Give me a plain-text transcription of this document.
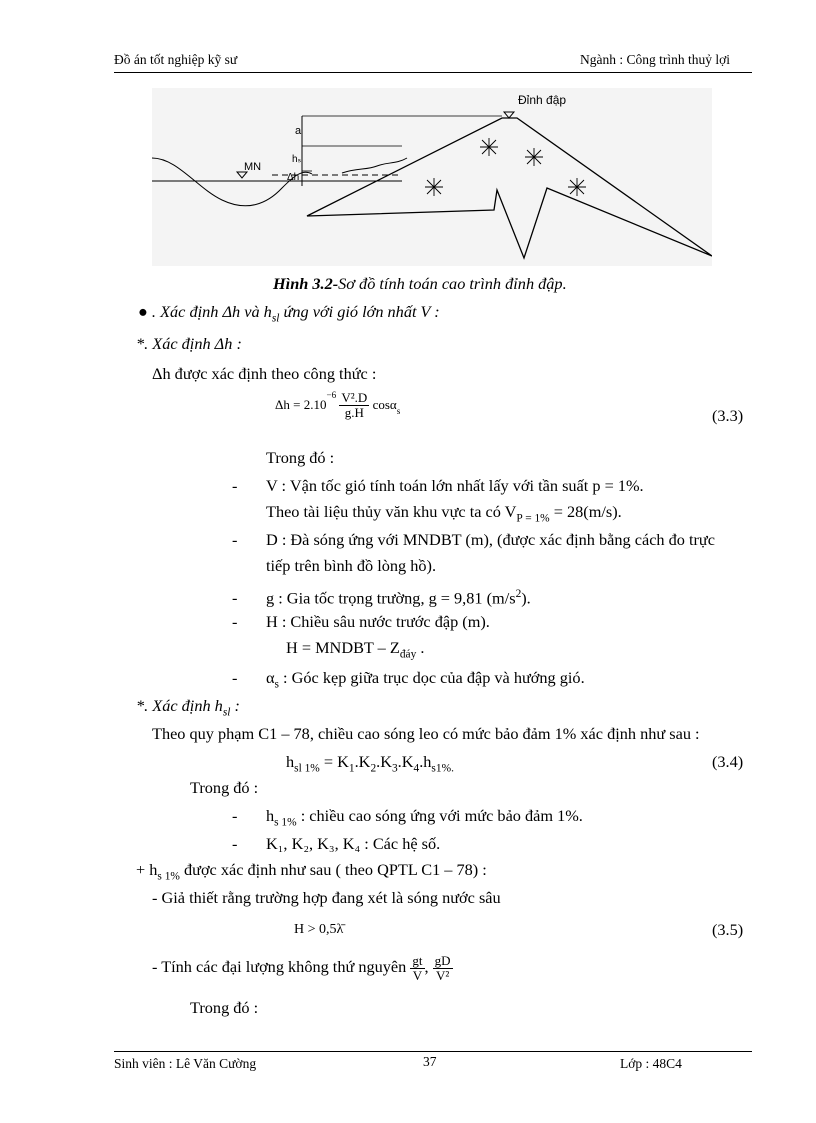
Đồ án tốt nghiệp kỹ sư	Ngành : Công trình thuỷ lợi
Đỉnh đập
a
hₛₗ
Δh
MN
Hình 3.2-Sơ đồ tính toán cao trình đỉnh đập.
● . Xác định Δh và $h_{sl}$ ứng với gió lớn nhất V :
*. Xác định Δh :
Δh được xác định theo công thức :
$\Delta h = 2.10^{-6} \frac{\text{V².D}}{g.H} \cos\alpha_s$	(3.3)
Trong đó :
- V : Vận tốc gió tính toán lớn nhất lấy với tần suất p = 1%.
Theo tài liệu thủy văn khu vực ta có $V_{P = 1\%} = 28(m/s)$.
- D : Đà sóng ứng với MNDBT (m), (được xác định bằng cách đo trực
tiếp trên bình đồ lòng hồ).
- g : Gia tốc trọng trường, g = 9,81 $(m/s^2)$.
- H : Chiều sâu nước trước đập (m).
H = MNDBT – $Z_{đáy}$ .
- $\alpha_s$ : Góc kẹp giữa trục dọc của đập và hướng gió.
*. Xác định $h_{sl}$ :
Theo quy phạm C1 – 78, chiều cao sóng leo có mức bảo đảm 1% xác định như sau :
$h_{sl 1\%} = K_1.K_2.K_3.K_4.h_{s1\%.}$	(3.4)
Trong đó :
- $h_{s 1\%}$ : chiều cao sóng ứng với mức bảo đảm 1%.
- K₁, K₂, K₃, K₄ : Các hệ số.
+ $h_{s 1\%}$ được xác định như sau ( theo QPTL C1 – 78) :
- Giả thiết rằng trường hợp đang xét là sóng nước sâu
H > 0,5λ̄	(3.5)
- Tính các đại lượng không thứ nguyên $\frac{gt}{V}$ , $\frac{gD}{\text{V²}}$
Trong đó :
Sinh viên : Lê Văn Cường	37	Lớp : 48C4
